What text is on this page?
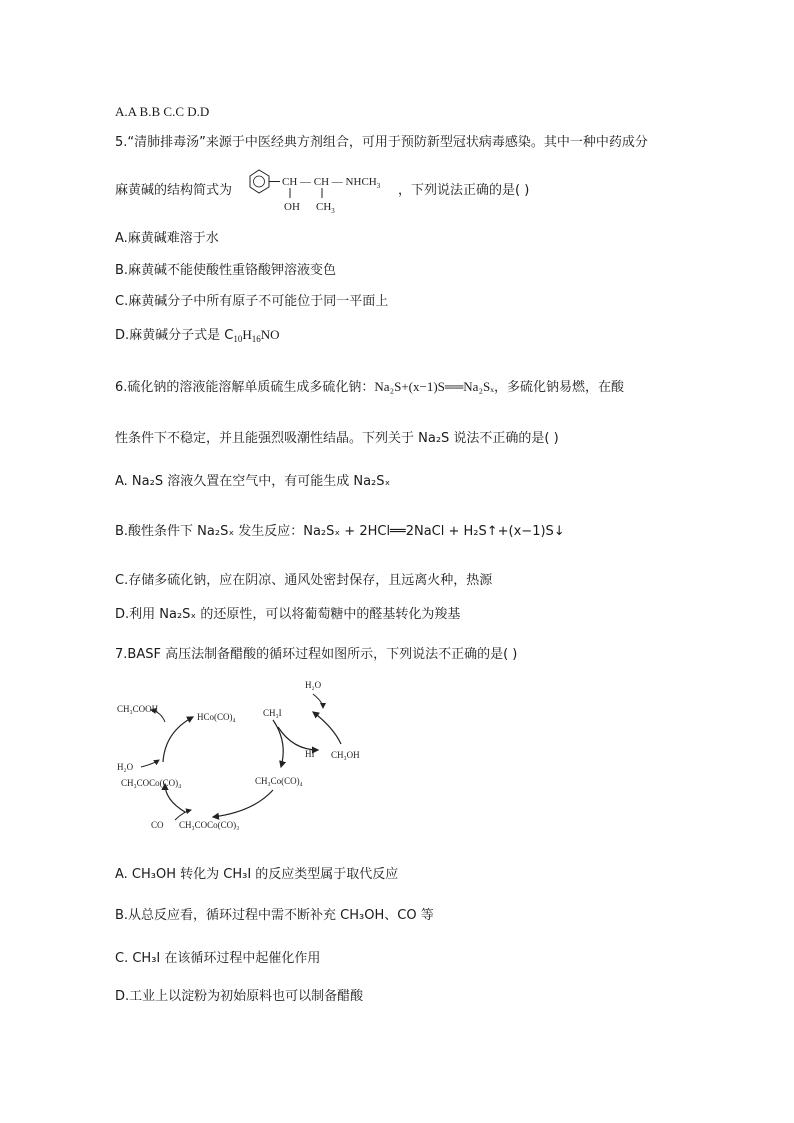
A.A B.B C.C D.D
5.“清肺排毒汤”来源于中医经典方剂组合，可用于预防新型冠状病毒感染。其中一种中药成分
麻黄碱的结构简式为	，下列说法正确的是( )
CH — CH — $NHCH_3$
OH $CH_3$
A.麻黄碱难溶于水
B.麻黄碱不能使酸性重铬酸钾溶液变色
C.麻黄碱分子中所有原子不可能位于同一平面上
D.麻黄碱分子式是 $C_{10}H_{16}NO$
6.硫化钠的溶液能溶解单质硫生成多硫化钠：Na₂S+(x−1)S══Na₂Sₓ，多硫化钠易燃，在酸
性条件下不稳定，并且能强烈吸潮性结晶。下列关于 Na₂S 说法不正确的是( )
A. Na₂S 溶液久置在空气中，有可能生成 Na₂Sₓ
B.酸性条件下 Na₂Sₓ 发生反应：Na₂Sₓ + 2HCl══2NaCl + H₂S↑+(x−1)S↓
C.存储多硫化钠，应在阴凉、通风处密封保存，且远离火种，热源
D.利用 Na₂Sₓ 的还原性，可以将葡萄糖中的醛基转化为羧基
7.BASF 高压法制备醋酸的循环过程如图所示，下列说法不正确的是( )
H₂O
CH₃I
HI CH₃OH
CH₃COOH
HCo(CO)₄
H₂O
CH₃COCo(CO)₄	CH₃Co(CO)₄
CO CH₃COCo(CO)₃
A. CH₃OH 转化为 CH₃I 的反应类型属于取代反应
B.从总反应看，循环过程中需不断补充 CH₃OH、CO 等
C. CH₃I 在该循环过程中起催化作用
D.工业上以淀粉为初始原料也可以制备醋酸
